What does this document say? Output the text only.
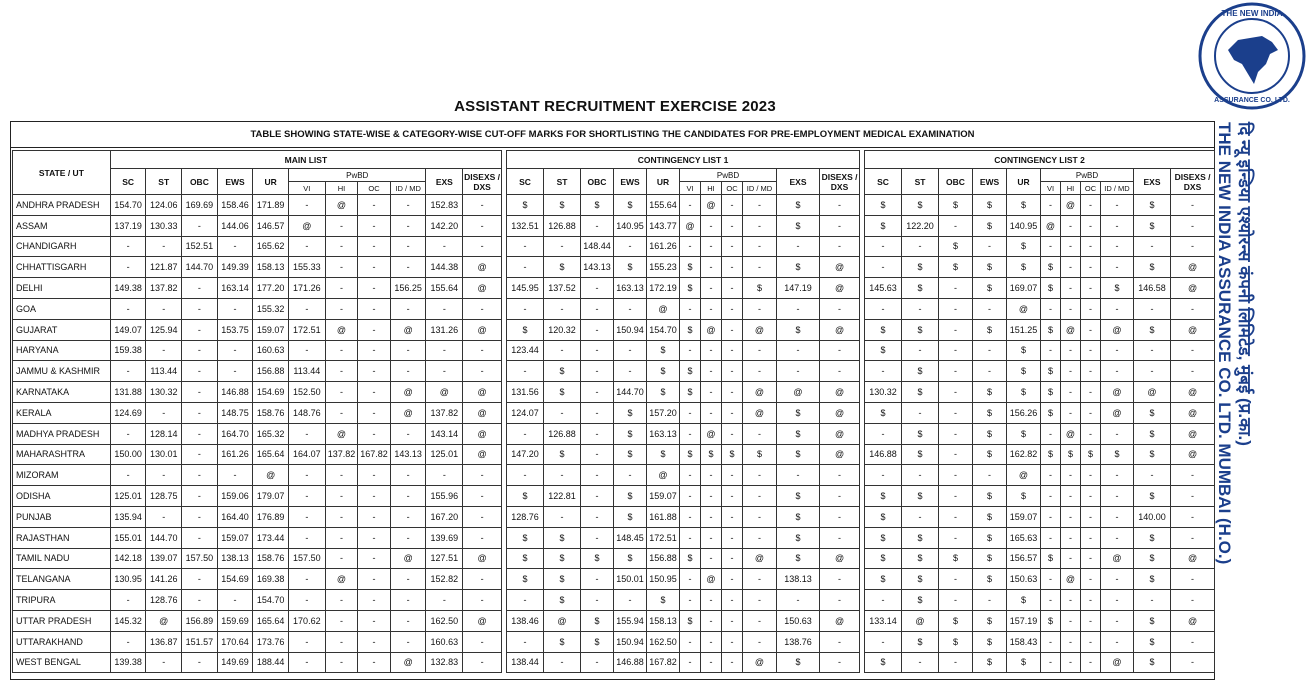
ASSISTANT RECRUITMENT EXERCISE 2023
THE NEW INDIA
ASSURANCE CO. LTD.
दि न्यू इन्डिया एश्योरन्स कंपनी लिमिटेड, मुंबई (प्र.का.)
THE NEW INDIA ASSURANCE CO. LTD. MUMBAI (H.O.)
TABLE SHOWING STATE-WISE & CATEGORY-WISE CUT-OFF MARKS FOR SHORTLISTING THE CANDIDATES FOR PRE-EMPLOYMENT MEDICAL EXAMINATION
STATE / UT	MAIN LIST										
	SC	ST	OBC	EWS	UR	PwBD				EXS	DISEXS / DXS
						VI	HI	OC	ID / MD		
ANDHRA PRADESH	154.70	124.06	169.69	158.46	171.89	-	@	-	-	152.83	-
ASSAM	137.19	130.33	-	144.06	146.57	@	-	-	-	142.20	-
CHANDIGARH	-	-	152.51	-	165.62	-	-	-	-	-	-
CHHATTISGARH	-	121.87	144.70	149.39	158.13	155.33	-	-	-	144.38	@
DELHI	149.38	137.82	-	163.14	177.20	171.26	-	-	156.25	155.64	@
GOA	-	-	-	-	155.32	-	-	-	-	-	-
GUJARAT	149.07	125.94	-	153.75	159.07	172.51	@	-	@	131.26	@
HARYANA	159.38	-	-	-	160.63	-	-	-	-	-	-
JAMMU & KASHMIR	-	113.44	-	-	156.88	113.44	-	-	-	-	-
KARNATAKA	131.88	130.32	-	146.88	154.69	152.50	-	-	@	@	@
KERALA	124.69	-	-	148.75	158.76	148.76	-	-	@	137.82	@
MADHYA PRADESH	-	128.14	-	164.70	165.32	-	@	-	-	143.14	@
MAHARASHTRA	150.00	130.01	-	161.26	165.64	164.07	137.82	167.82	143.13	125.01	@
MIZORAM	-	-	-	-	@	-	-	-	-	-	-
ODISHA	125.01	128.75	-	159.06	179.07	-	-	-	-	155.96	-
PUNJAB	135.94	-	-	164.40	176.89	-	-	-	-	167.20	-
RAJASTHAN	155.01	144.70	-	159.07	173.44	-	-	-	-	139.69	-
TAMIL NADU	142.18	139.07	157.50	138.13	158.76	157.50	-	-	@	127.51	@
TELANGANA	130.95	141.26	-	154.69	169.38	-	@	-	-	152.82	-
TRIPURA	-	128.76	-	-	154.70	-	-	-	-	-	-
UTTAR PRADESH	145.32	@	156.89	159.69	165.64	170.62	-	-	-	162.50	@
UTTARAKHAND	-	136.87	151.57	170.64	173.76	-	-	-	-	160.63	-
WEST BENGAL	139.38	-	-	149.69	188.44	-	-	-	@	132.83	-
CONTINGENCY LIST 1										
SC	ST	OBC	EWS	UR	PwBD				EXS	DISEXS / DXS
					VI	HI	OC	ID / MD		
$	$	$	$	155.64	-	@	-	-	$	-
132.51	126.88	-	140.95	143.77	@	-	-	-	$	-
-	-	148.44	-	161.26	-	-	-	-	-	-
-	$	143.13	$	155.23	$	-	-	-	$	@
145.95	137.52	-	163.13	172.19	$	-	-	$	147.19	@
-	-	-	-	@	-	-	-	-	-	-
$	120.32	-	150.94	154.70	$	@	-	@	$	@
123.44	-	-	-	$	-	-	-	-	-	-
-	$	-	-	$	$	-	-	-	-	-
131.56	$	-	144.70	$	$	-	-	@	@	@
124.07	-	-	$	157.20	-	-	-	@	$	@
-	126.88	-	$	163.13	-	@	-	-	$	@
147.20	$	-	$	$	$	$	$	$	$	@
-	-	-	-	@	-	-	-	-	-	-
$	122.81	-	$	159.07	-	-	-	-	$	-
128.76	-	-	$	161.88	-	-	-	-	$	-
$	$	-	148.45	172.51	-	-	-	-	$	-
$	$	$	$	156.88	$	-	-	@	$	@
$	$	-	150.01	150.95	-	@	-	-	138.13	-
-	$	-	-	$	-	-	-	-	-	-
138.46	@	$	155.94	158.13	$	-	-	-	150.63	@
-	$	$	150.94	162.50	-	-	-	-	138.76	-
138.44	-	-	146.88	167.82	-	-	-	@	$	-
CONTINGENCY LIST 2										
SC	ST	OBC	EWS	UR	PwBD				EXS	DISEXS / DXS
					VI	HI	OC	ID / MD		
$	$	$	$	$	-	@	-	-	$	-
$	122.20	-	$	140.95	@	-	-	-	$	-
-	-	$	-	$	-	-	-	-	-	-
-	$	$	$	$	$	-	-	-	$	@
145.63	$	-	$	169.07	$	-	-	$	146.58	@
-	-	-	-	@	-	-	-	-	-	-
$	$	-	$	151.25	$	@	-	@	$	@
$	-	-	-	$	-	-	-	-	-	-
-	$	-	-	$	$	-	-	-	-	-
130.32	$	-	$	$	$	-	-	@	@	@
$	-	-	$	156.26	$	-	-	@	$	@
-	$	-	$	$	-	@	-	-	$	@
146.88	$	-	$	162.82	$	$	$	$	$	@
-	-	-	-	@	-	-	-	-	-	-
$	$	-	$	$	-	-	-	-	$	-
$	-	-	$	159.07	-	-	-	-	140.00	-
$	$	-	$	165.63	-	-	-	-	$	-
$	$	$	$	156.57	$	-	-	@	$	@
$	$	-	$	150.63	-	@	-	-	$	-
-	$	-	-	$	-	-	-	-	-	-
133.14	@	$	$	157.19	$	-	-	-	$	@
-	$	$	$	158.43	-	-	-	-	$	-
$	-	-	$	$	-	-	-	@	$	-
